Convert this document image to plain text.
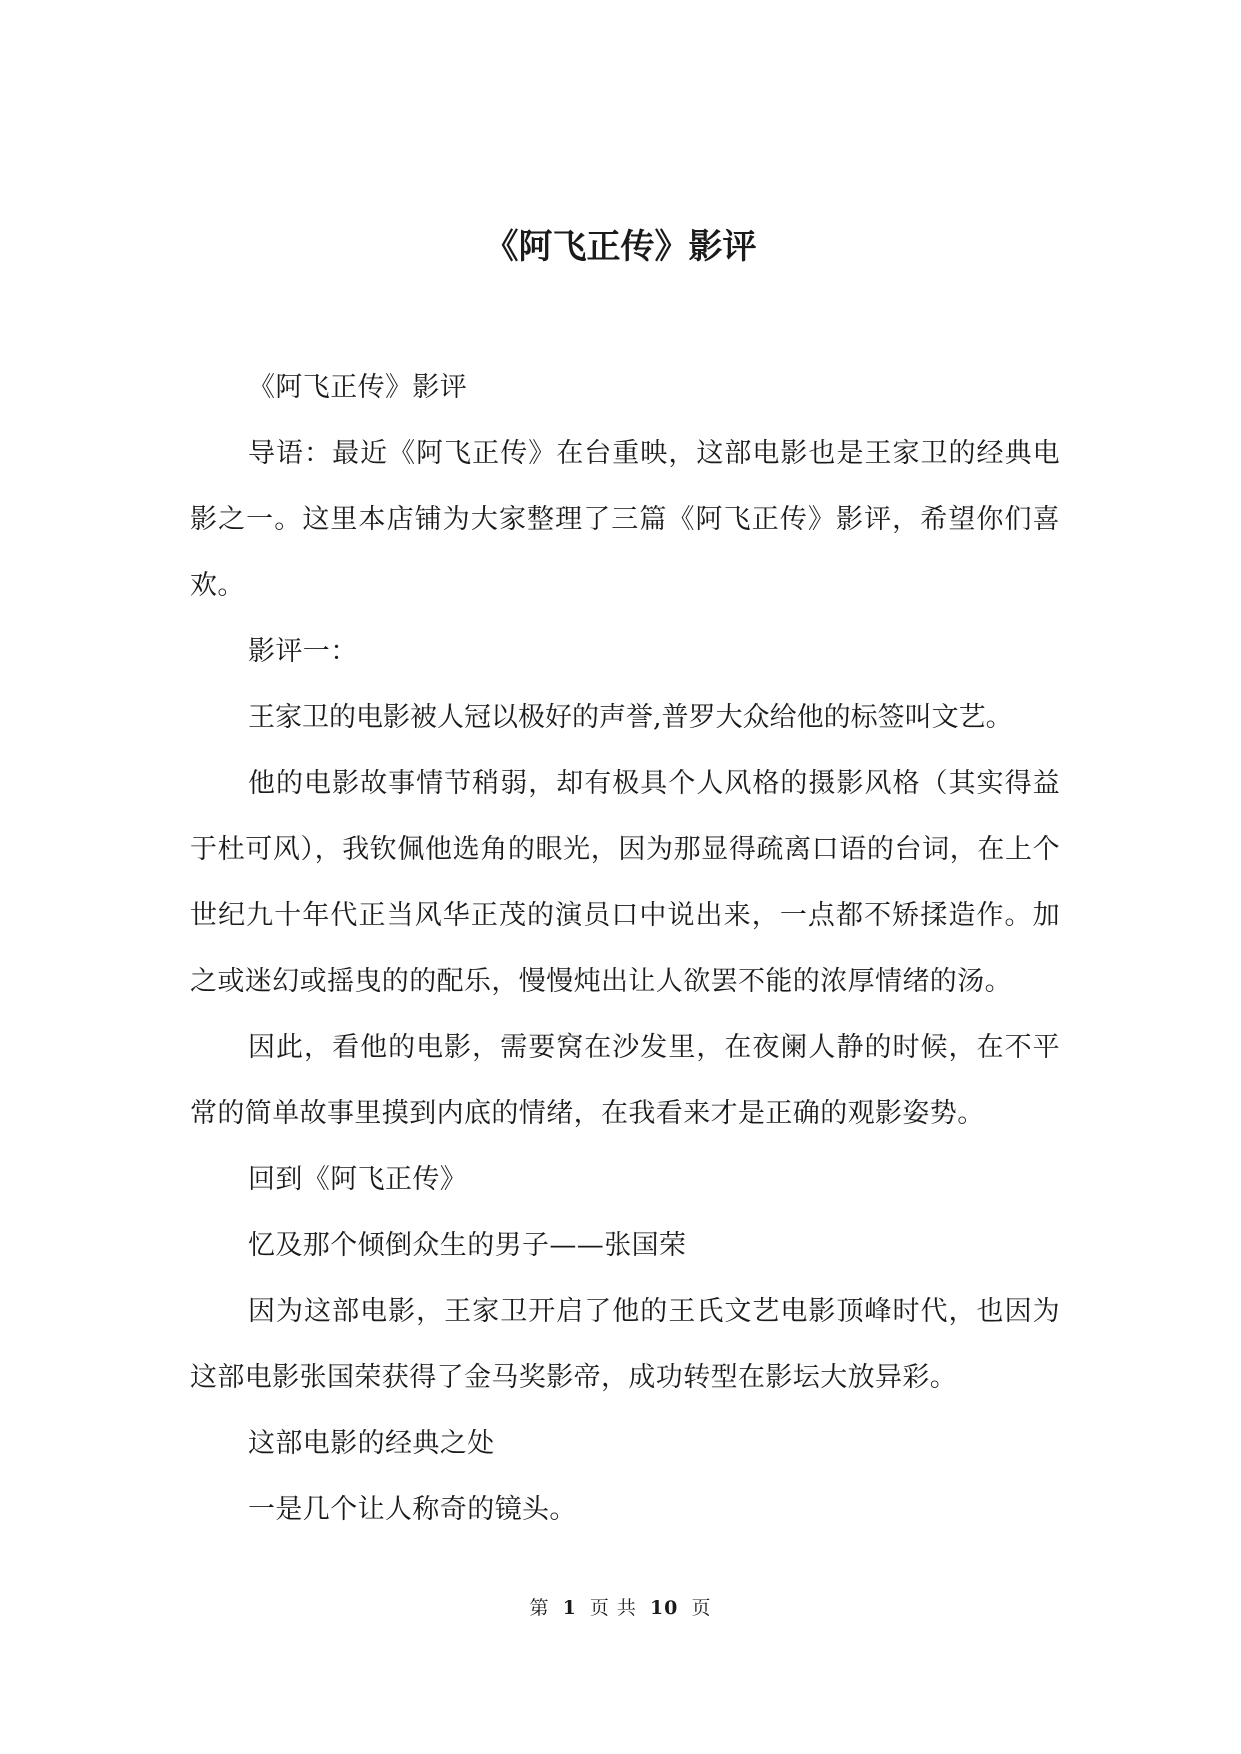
《阿飞正传》影评

《阿飞正传》影评

导语：最近《阿飞正传》在台重映，这部电影也是王家卫的经典电影之一。这里本店铺为大家整理了三篇《阿飞正传》影评，希望你们喜欢。

影评一：

王家卫的电影被人冠以极好的声誉,普罗大众给他的标签叫文艺。

他的电影故事情节稍弱，却有极具个人风格的摄影风格（其实得益于杜可风），我钦佩他选角的眼光，因为那显得疏离口语的台词，在上个世纪九十年代正当风华正茂的演员口中说出来，一点都不矫揉造作。加之或迷幻或摇曳的的配乐，慢慢炖出让人欲罢不能的浓厚情绪的汤。

因此，看他的电影，需要窝在沙发里，在夜阑人静的时候，在不平常的简单故事里摸到内底的情绪，在我看来才是正确的观影姿势。

回到《阿飞正传》

忆及那个倾倒众生的男子——张国荣

因为这部电影，王家卫开启了他的王氏文艺电影顶峰时代，也因为这部电影张国荣获得了金马奖影帝，成功转型在影坛大放异彩。

这部电影的经典之处

一是几个让人称奇的镜头。

第 1 页 共 10 页
